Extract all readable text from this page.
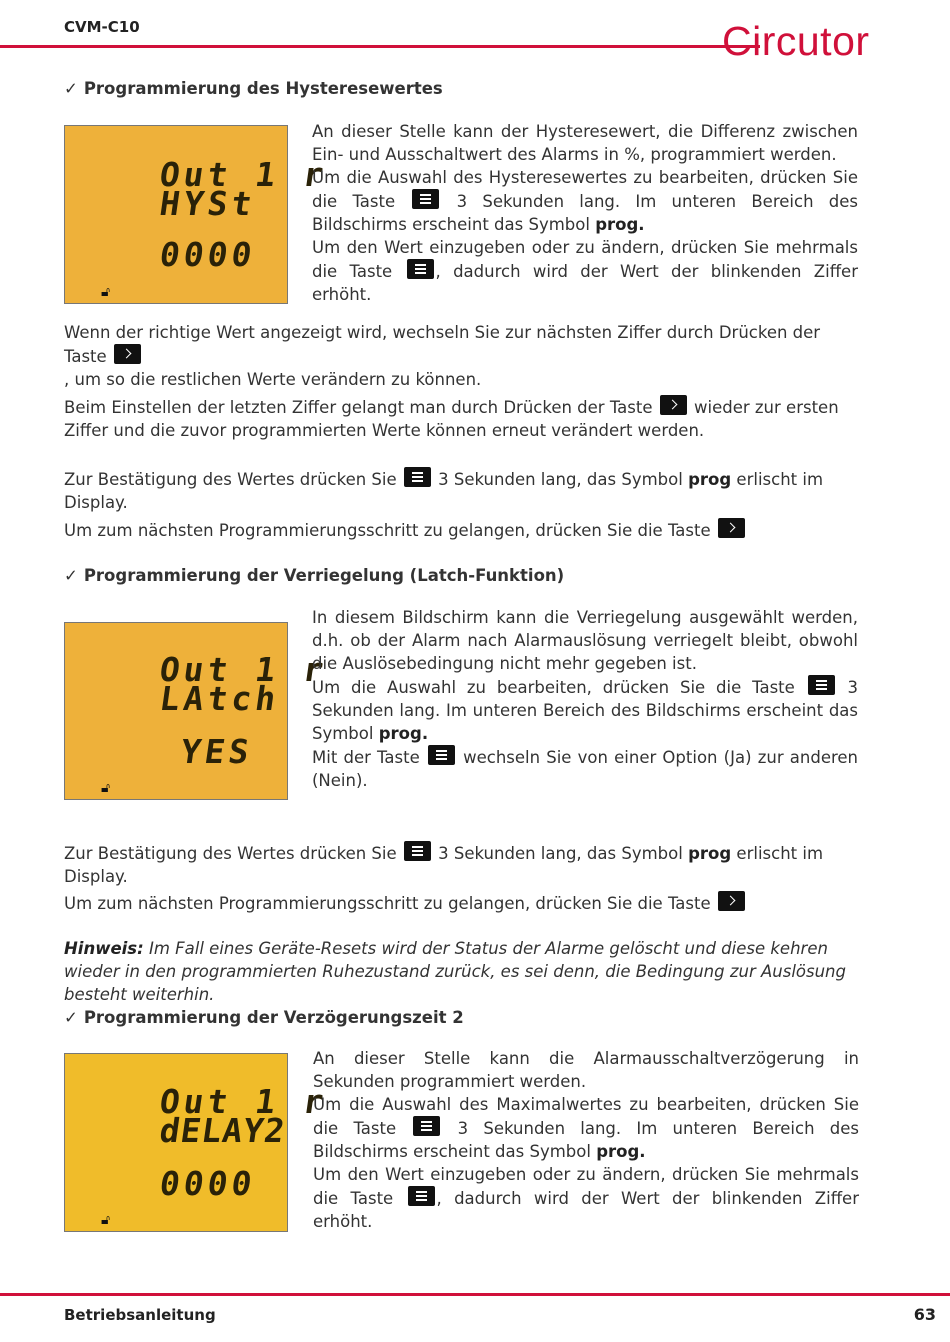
CVM-C10	Circutor
✓ Programmierung des Hysteresewertes
Out 1 r
HYSt
0000
🔓︎
An dieser Stelle kann der Hysteresewert, die Differenz zwischen Ein- und Ausschaltwert des Alarms in %, programmiert werden.
Um die Auswahl des Hysteresewertes zu bearbeiten, drücken Sie die Taste	3 Sekunden lang. Im unteren Bereich des Bildschirms erscheint das Symbol prog.
Um den Wert einzugeben oder zu ändern, drücken Sie mehrmals die Taste	, dadurch wird der Wert der blinkenden Ziffer erhöht.
Wenn der richtige Wert angezeigt wird, wechseln Sie zur nächsten Ziffer durch Drücken der Taste
, um so die restlichen Werte verändern zu können.
Beim Einstellen der letzten Ziffer gelangt man durch Drücken der Taste	wieder zur ersten Ziffer und die zuvor programmierten Werte können erneut verändert werden.
Zur Bestätigung des Wertes drücken Sie	3 Sekunden lang, das Symbol prog erlischt im Display.
Um zum nächsten Programmierungsschritt zu gelangen, drücken Sie die Taste
✓ Programmierung der Verriegelung (Latch-Funktion)
Out 1 r
LAtch
YES
🔓︎
In diesem Bildschirm kann die Verriegelung ausgewählt werden, d.h. ob der Alarm nach Alarmauslösung verriegelt bleibt, obwohl die Auslösebedingung nicht mehr gegeben ist.
Um die Auswahl zu bearbeiten, drücken Sie die Taste	3 Sekunden lang. Im unteren Bereich des Bildschirms erscheint das Symbol prog.
Mit der Taste	wechseln Sie von einer Option (Ja) zur anderen (Nein).
Zur Bestätigung des Wertes drücken Sie	3 Sekunden lang, das Symbol prog erlischt im Display.
Um zum nächsten Programmierungsschritt zu gelangen, drücken Sie die Taste
Hinweis: Im Fall eines Geräte-Resets wird der Status der Alarme gelöscht und diese kehren wieder in den programmierten Ruhezustand zurück, es sei denn, die Bedingung zur Auslösung besteht weiterhin.
✓ Programmierung der Verzögerungszeit 2
Out 1 r
dELAY2
0000
🔓︎
An dieser Stelle kann die Alarmausschaltverzögerung in Sekunden programmiert werden.
Um die Auswahl des Maximalwertes zu bearbeiten, drücken Sie die Taste	3 Sekunden lang. Im unteren Bereich des Bildschirms erscheint das Symbol prog.
Um den Wert einzugeben oder zu ändern, drücken Sie mehrmals die Taste	, dadurch wird der Wert der blinkenden Ziffer erhöht.
Betriebsanleitung	63
